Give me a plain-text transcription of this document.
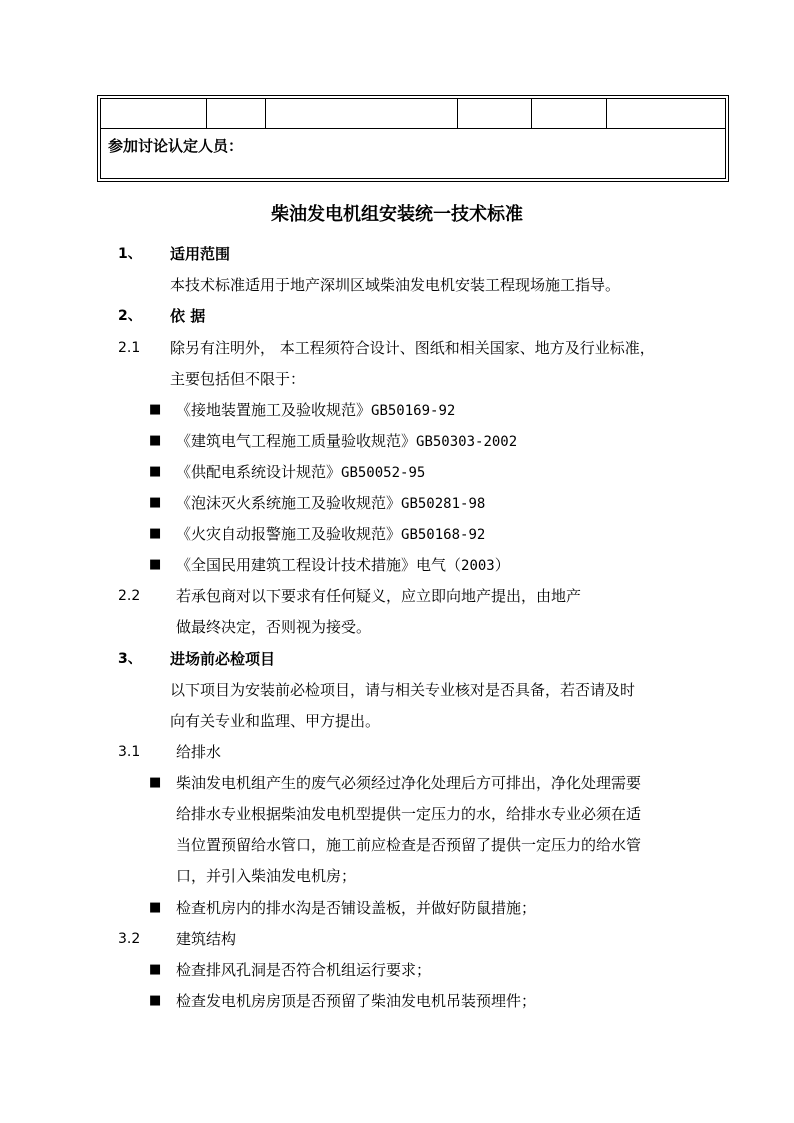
参加讨论认定人员：
柴油发电机组安装统一技术标准
1、 适用范围
本技术标准适用于地产深圳区域柴油发电机安装工程现场施工指导。
2、 依 据
2.1 除另有注明外， 本工程须符合设计、图纸和相关国家、地方及行业标准，
主要包括但不限于：
■ 《接地装置施工及验收规范》GB50169-92
■ 《建筑电气工程施工质量验收规范》GB50303-2002
■ 《供配电系统设计规范》GB50052-95
■ 《泡沫灭火系统施工及验收规范》GB50281-98
■ 《火灾自动报警施工及验收规范》GB50168-92
■ 《全国民用建筑工程设计技术措施》电气（2003）
2.2 若承包商对以下要求有任何疑义，应立即向地产提出，由地产
做最终决定，否则视为接受。
3、 进场前必检项目
以下项目为安装前必检项目，请与相关专业核对是否具备，若否请及时
向有关专业和监理、甲方提出。
3.1 给排水
■ 柴油发电机组产生的废气必须经过净化处理后方可排出，净化处理需要
给排水专业根据柴油发电机型提供一定压力的水，给排水专业必须在适
当位置预留给水管口，施工前应检查是否预留了提供一定压力的给水管
口，并引入柴油发电机房；
■ 检查机房内的排水沟是否铺设盖板，并做好防鼠措施；
3.2 建筑结构
■ 检查排风孔洞是否符合机组运行要求；
■ 检查发电机房房顶是否预留了柴油发电机吊装预埋件；
